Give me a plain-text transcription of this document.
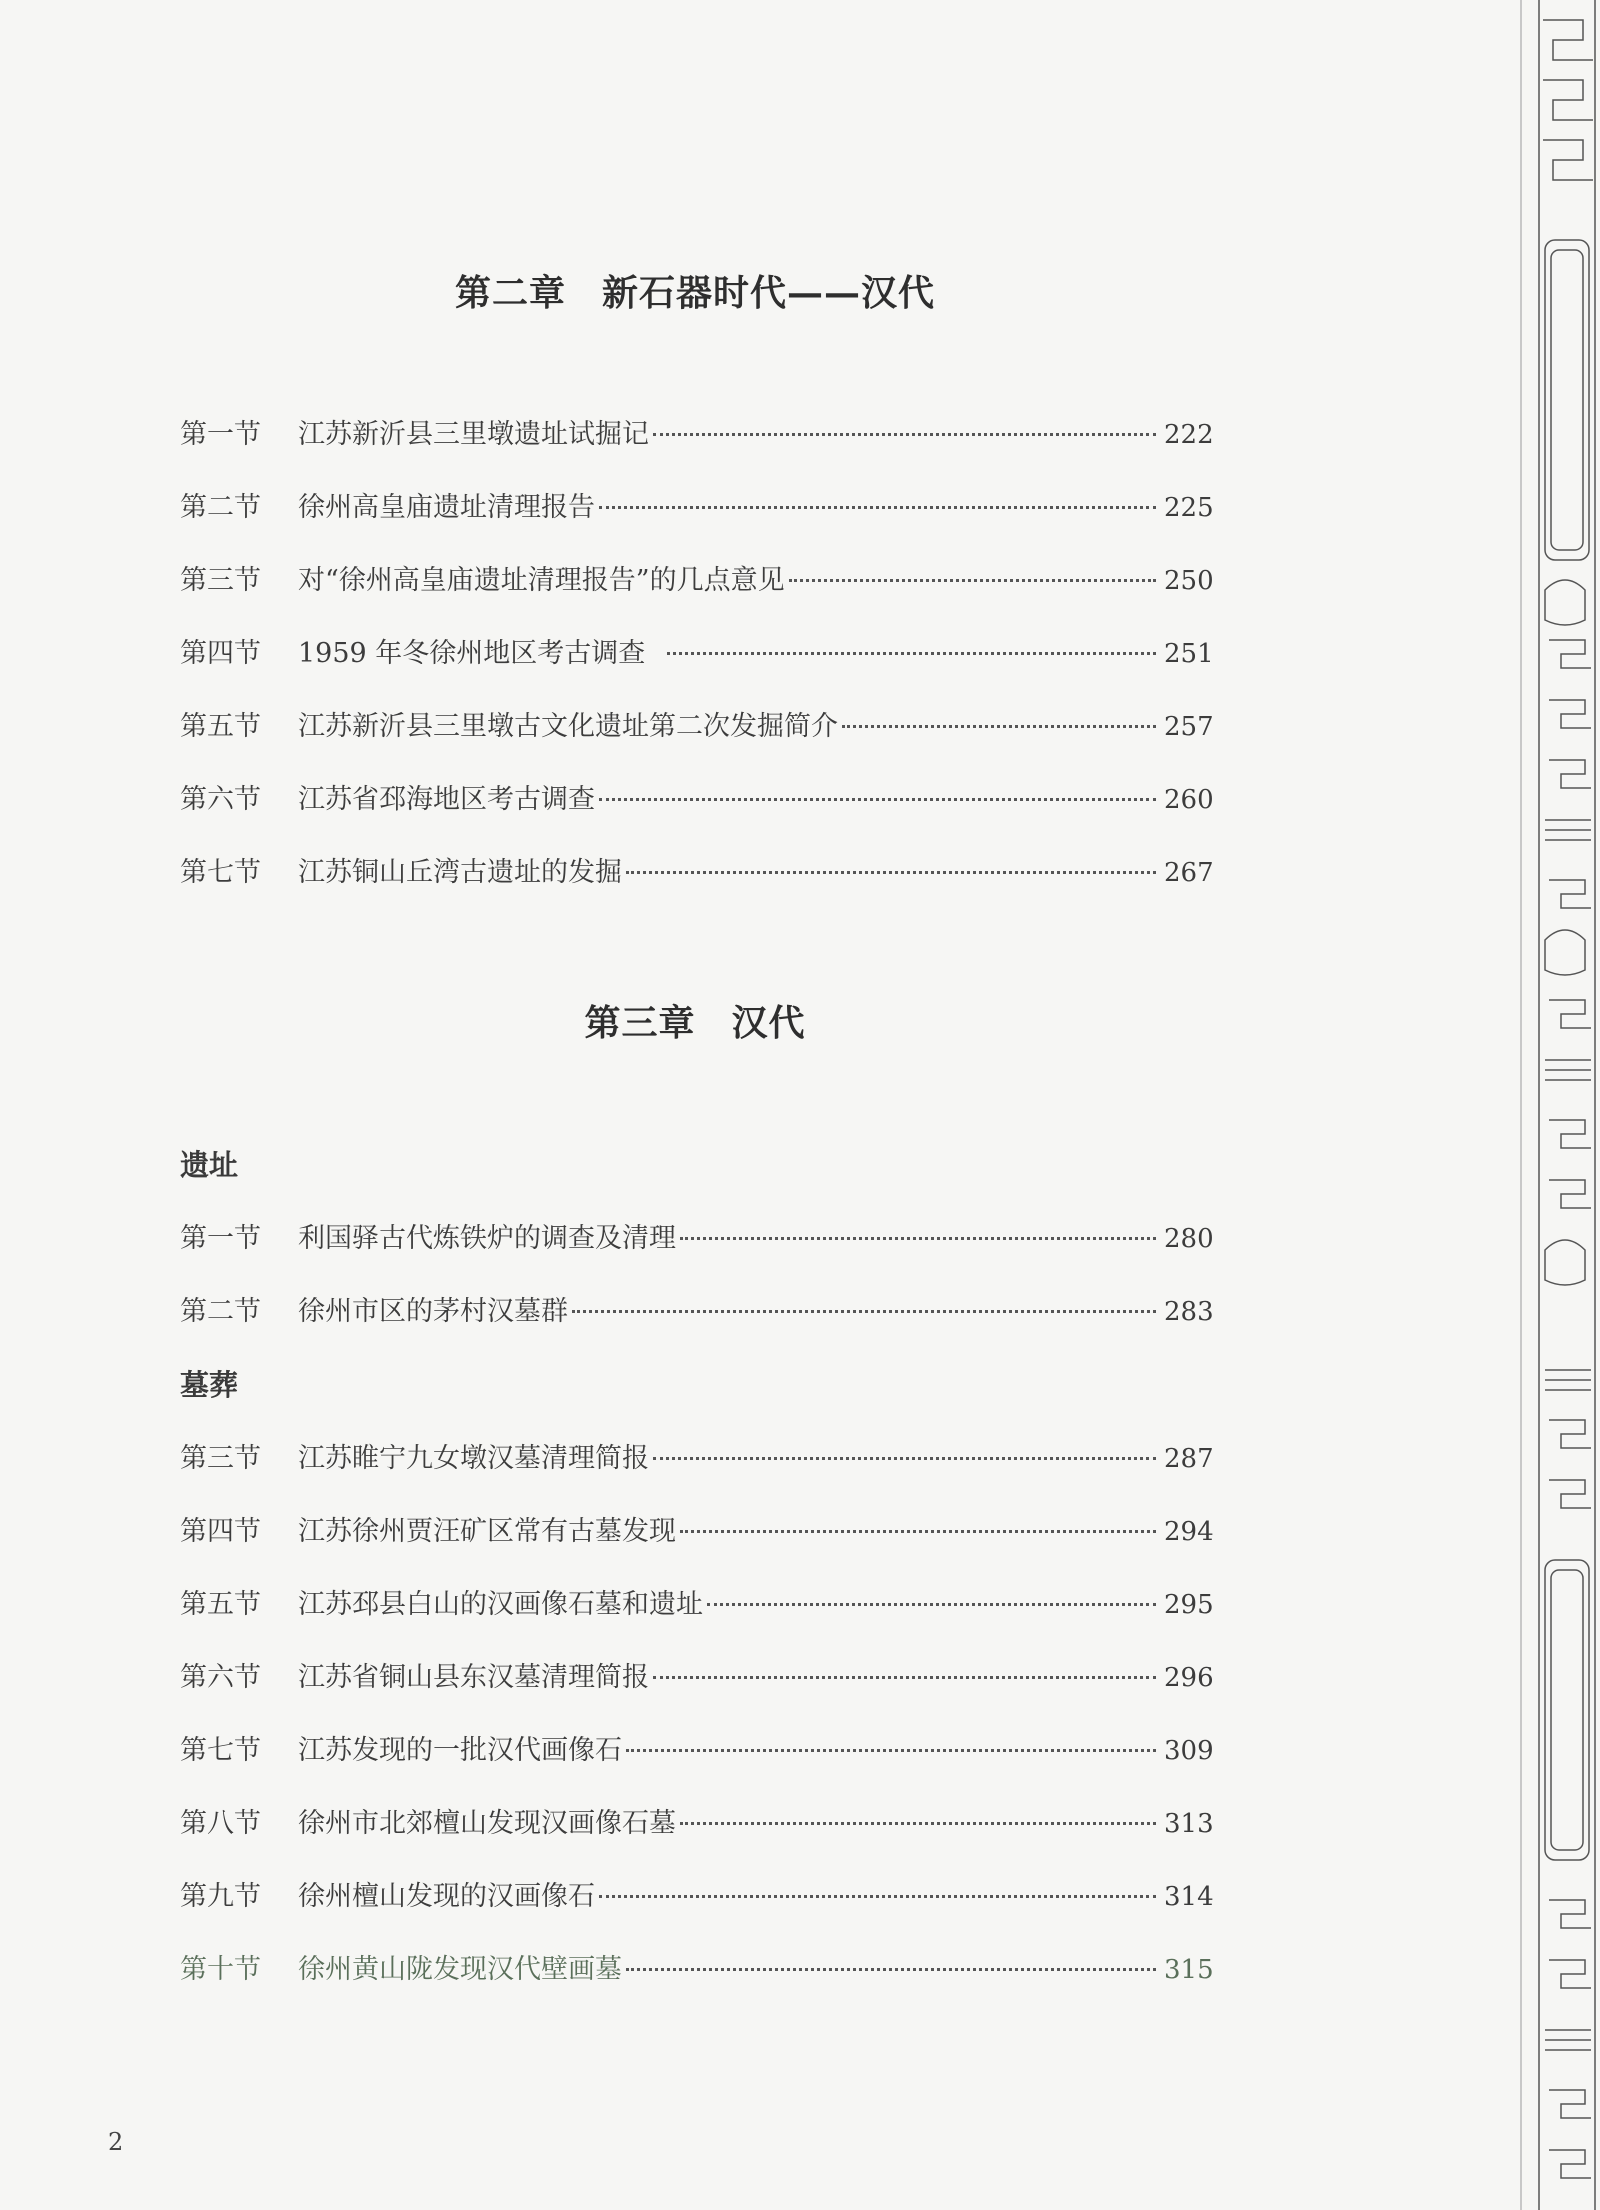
第二章 新石器时代——汉代
第一节	江苏新沂县三里墩遗址试掘记	222
第二节	徐州高皇庙遗址清理报告	225
第三节	对“徐州高皇庙遗址清理报告”的几点意见	250
第四节	1959 年冬徐州地区考古调查	251
第五节	江苏新沂县三里墩古文化遗址第二次发掘简介	257
第六节	江苏省邳海地区考古调查	260
第七节	江苏铜山丘湾古遗址的发掘	267
第三章 汉代
遗址
第一节	利国驿古代炼铁炉的调查及清理	280
第二节	徐州市区的茅村汉墓群	283
墓葬
第三节	江苏睢宁九女墩汉墓清理简报	287
第四节	江苏徐州贾汪矿区常有古墓发现	294
第五节	江苏邳县白山的汉画像石墓和遗址	295
第六节	江苏省铜山县东汉墓清理简报	296
第七节	江苏发现的一批汉代画像石	309
第八节	徐州市北郊檀山发现汉画像石墓	313
第九节	徐州檀山发现的汉画像石	314
第十节	徐州黄山陇发现汉代壁画墓	315
2
